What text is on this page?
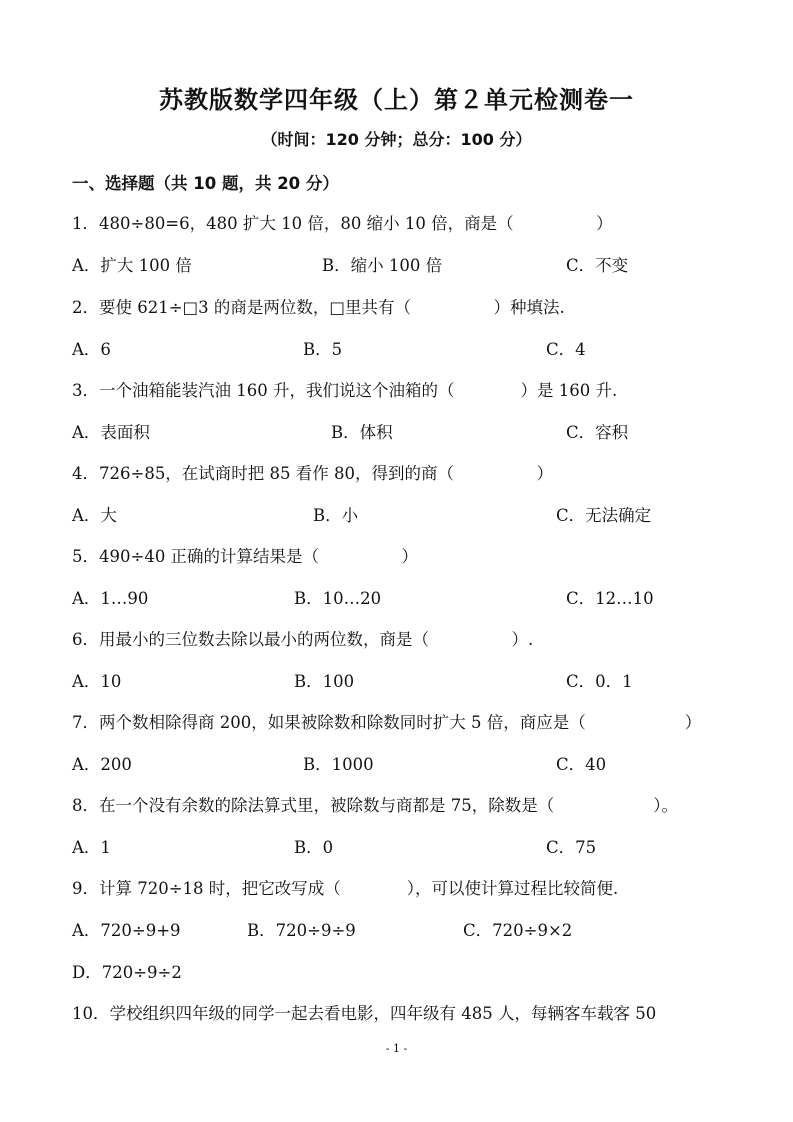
苏教版数学四年级（上）第２单元检测卷一
（时间：120 分钟；总分：100 分）
一、选择题（共 10 题，共 20 分）
1．480÷80=6，480 扩大 10 倍，80 缩小 10 倍，商是（　　　　　）
A．扩大 100 倍	B．缩小 100 倍	C．不变
2．要使 621÷□3 的商是两位数，□里共有（　　　　　）种填法.
A．6	B．5	C．4
3．一个油箱能装汽油 160 升，我们说这个油箱的（　　　　）是 160 升.
A．表面积	B．体积	C．容积
4．726÷85，在试商时把 85 看作 80，得到的商（　　　　　）
A．大	B．小	C．无法确定
5．490÷40 正确的计算结果是（　　　　　）
A．1…90	B．10…20	C．12…10
6．用最小的三位数去除以最小的两位数，商是（　　　　　）.
A．10	B．100	C．0．1
7．两个数相除得商 200，如果被除数和除数同时扩大 5 倍，商应是（　　　　　　）
A．200	B．1000	C．40
8．在一个没有余数的除法算式里，被除数与商都是 75，除数是（　　　　　　）。
A．1	B．0	C．75
9．计算 720÷18 时，把它改写成（　　　　），可以使计算过程比较简便.
A．720÷9+9	B．720÷9÷9	C．720÷9×2
D．720÷9÷2
10．学校组织四年级的同学一起去看电影，四年级有 485 人，每辆客车载客 50
- 1 -
